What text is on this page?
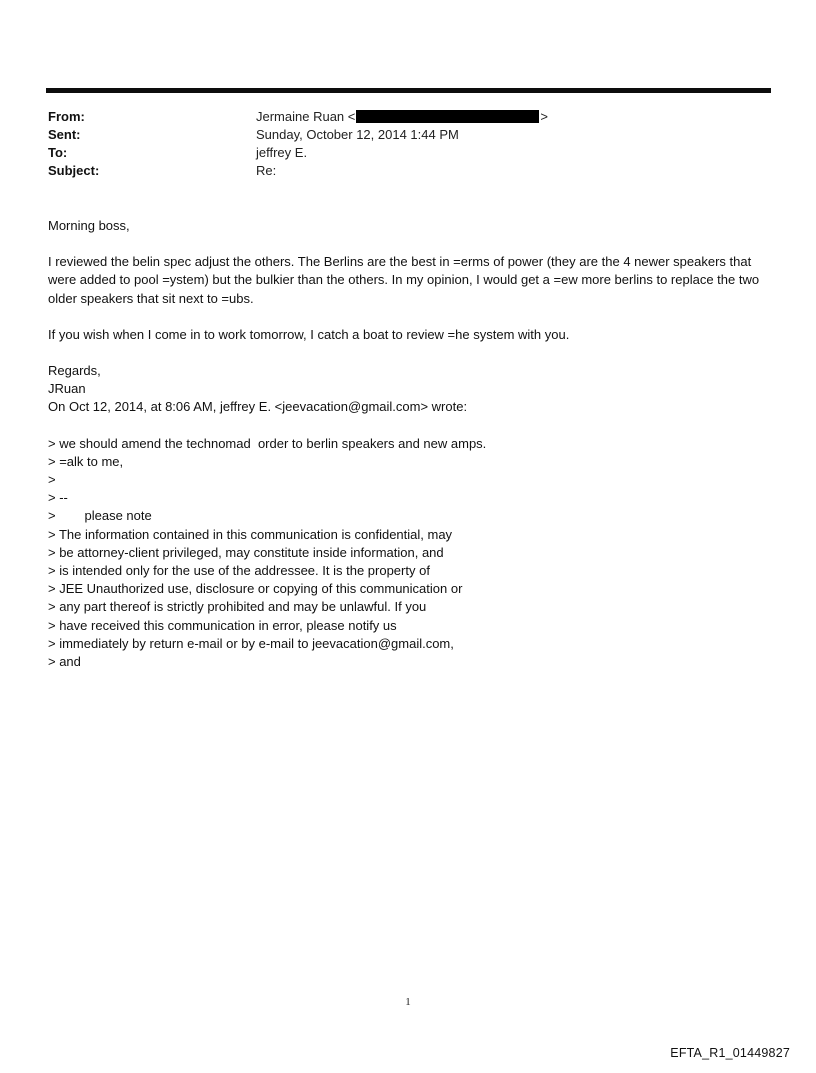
From:	Jermaine Ruan <	>
Sent:	Sunday, October 12, 2014 1:44 PM
To:	jeffrey E.
Subject:	Re:

Morning boss,

I reviewed the belin spec adjust the others. The Berlins are the best in =erms of power (they are the 4 newer speakers that were added to pool =ystem) but the bulkier than the others. In my opinion, I would get a =ew more berlins to replace the two older speakers that sit next to =ubs.

If you wish when I come in to work tomorrow, I catch a boat to review =he system with you.

Regards,

JRuan

On Oct 12, 2014, at 8:06 AM, jeffrey E. <jeevacation@gmail.com> wrote:

> we should amend the technomad  order to berlin speakers and new amps.

> =alk to me,

>

> --

>        please note

> The information contained in this communication is confidential, may

> be attorney-client privileged, may constitute inside information, and

> is intended only for the use of the addressee. It is the property of

> JEE Unauthorized use, disclosure or copying of this communication or

> any part thereof is strictly prohibited and may be unlawful. If you

> have received this communication in error, please notify us

> immediately by return e-mail or by e-mail to jeevacation@gmail.com,

> and

1
EFTA_R1_01449827
